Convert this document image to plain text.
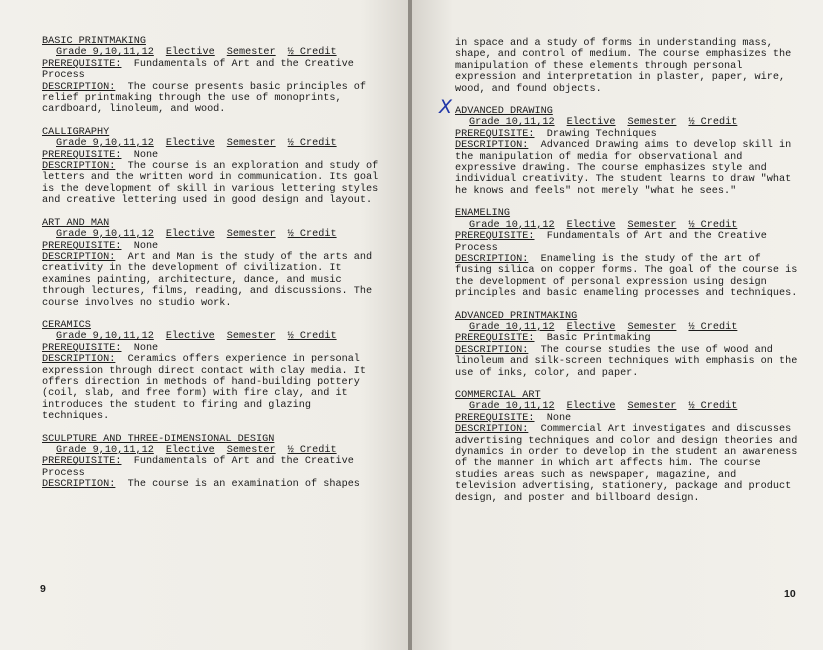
BASIC PRINTMAKING
Grade 9,10,11,12 Elective Semester ½ Credit
PREREQUISITE: Fundamentals of Art and the Creative Process
DESCRIPTION: The course presents basic principles of relief printmaking through the use of monoprints, cardboard, linoleum, and wood.
CALLIGRAPHY
Grade 9,10,11,12 Elective Semester ½ Credit
PREREQUISITE: None
DESCRIPTION: The course is an exploration and study of letters and the written word in communication. Its goal is the development of skill in various lettering styles and creative lettering used in good design and layout.
ART AND MAN
Grade 9,10,11,12 Elective Semester ½ Credit
PREREQUISITE: None
DESCRIPTION: Art and Man is the study of the arts and creativity in the development of civilization. It examines painting, architecture, dance, and music through lectures, films, reading, and discussions. The course involves no studio work.
CERAMICS
Grade 9,10,11,12 Elective Semester ½ Credit
PREREQUISITE: None
DESCRIPTION: Ceramics offers experience in personal expression through direct contact with clay media. It offers direction in methods of hand-building pottery (coil, slab, and free form) with fire clay, and it introduces the student to firing and glazing techniques.
SCULPTURE AND THREE-DIMENSIONAL DESIGN
Grade 9,10,11,12 Elective Semester ½ Credit
PREREQUISITE: Fundamentals of Art and the Creative Process
DESCRIPTION: The course is an examination of shapes
9
in space and a study of forms in understanding mass, shape, and control of medium. The course emphasizes the manipulation of these elements through personal expression and interpretation in plaster, paper, wire, wood, and found objects.
X ADVANCED DRAWING
Grade 10,11,12 Elective Semester ½ Credit
PREREQUISITE: Drawing Techniques
DESCRIPTION: Advanced Drawing aims to develop skill in the manipulation of media for observational and expressive drawing. The course emphasizes style and individual creativity. The student learns to draw "what he knows and feels" not merely "what he sees."
ENAMELING
Grade 10,11,12 Elective Semester ½ Credit
PREREQUISITE: Fundamentals of Art and the Creative Process
DESCRIPTION: Enameling is the study of the art of fusing silica on copper forms. The goal of the course is the development of personal expression using design principles and basic enameling processes and techniques.
ADVANCED PRINTMAKING
Grade 10,11,12 Elective Semester ½ Credit
PREREQUISITE: Basic Printmaking
DESCRIPTION: The course studies the use of wood and linoleum and silk-screen techniques with emphasis on the use of inks, color, and paper.
COMMERCIAL ART
Grade 10,11,12 Elective Semester ½ Credit
PREREQUISITE: None
DESCRIPTION: Commercial Art investigates and discusses advertising techniques and color and design theories and dynamics in order to develop in the student an awareness of the manner in which art affects him. The course studies areas such as newspaper, magazine, and television advertising, stationery, package and product design, and poster and billboard design.
10
